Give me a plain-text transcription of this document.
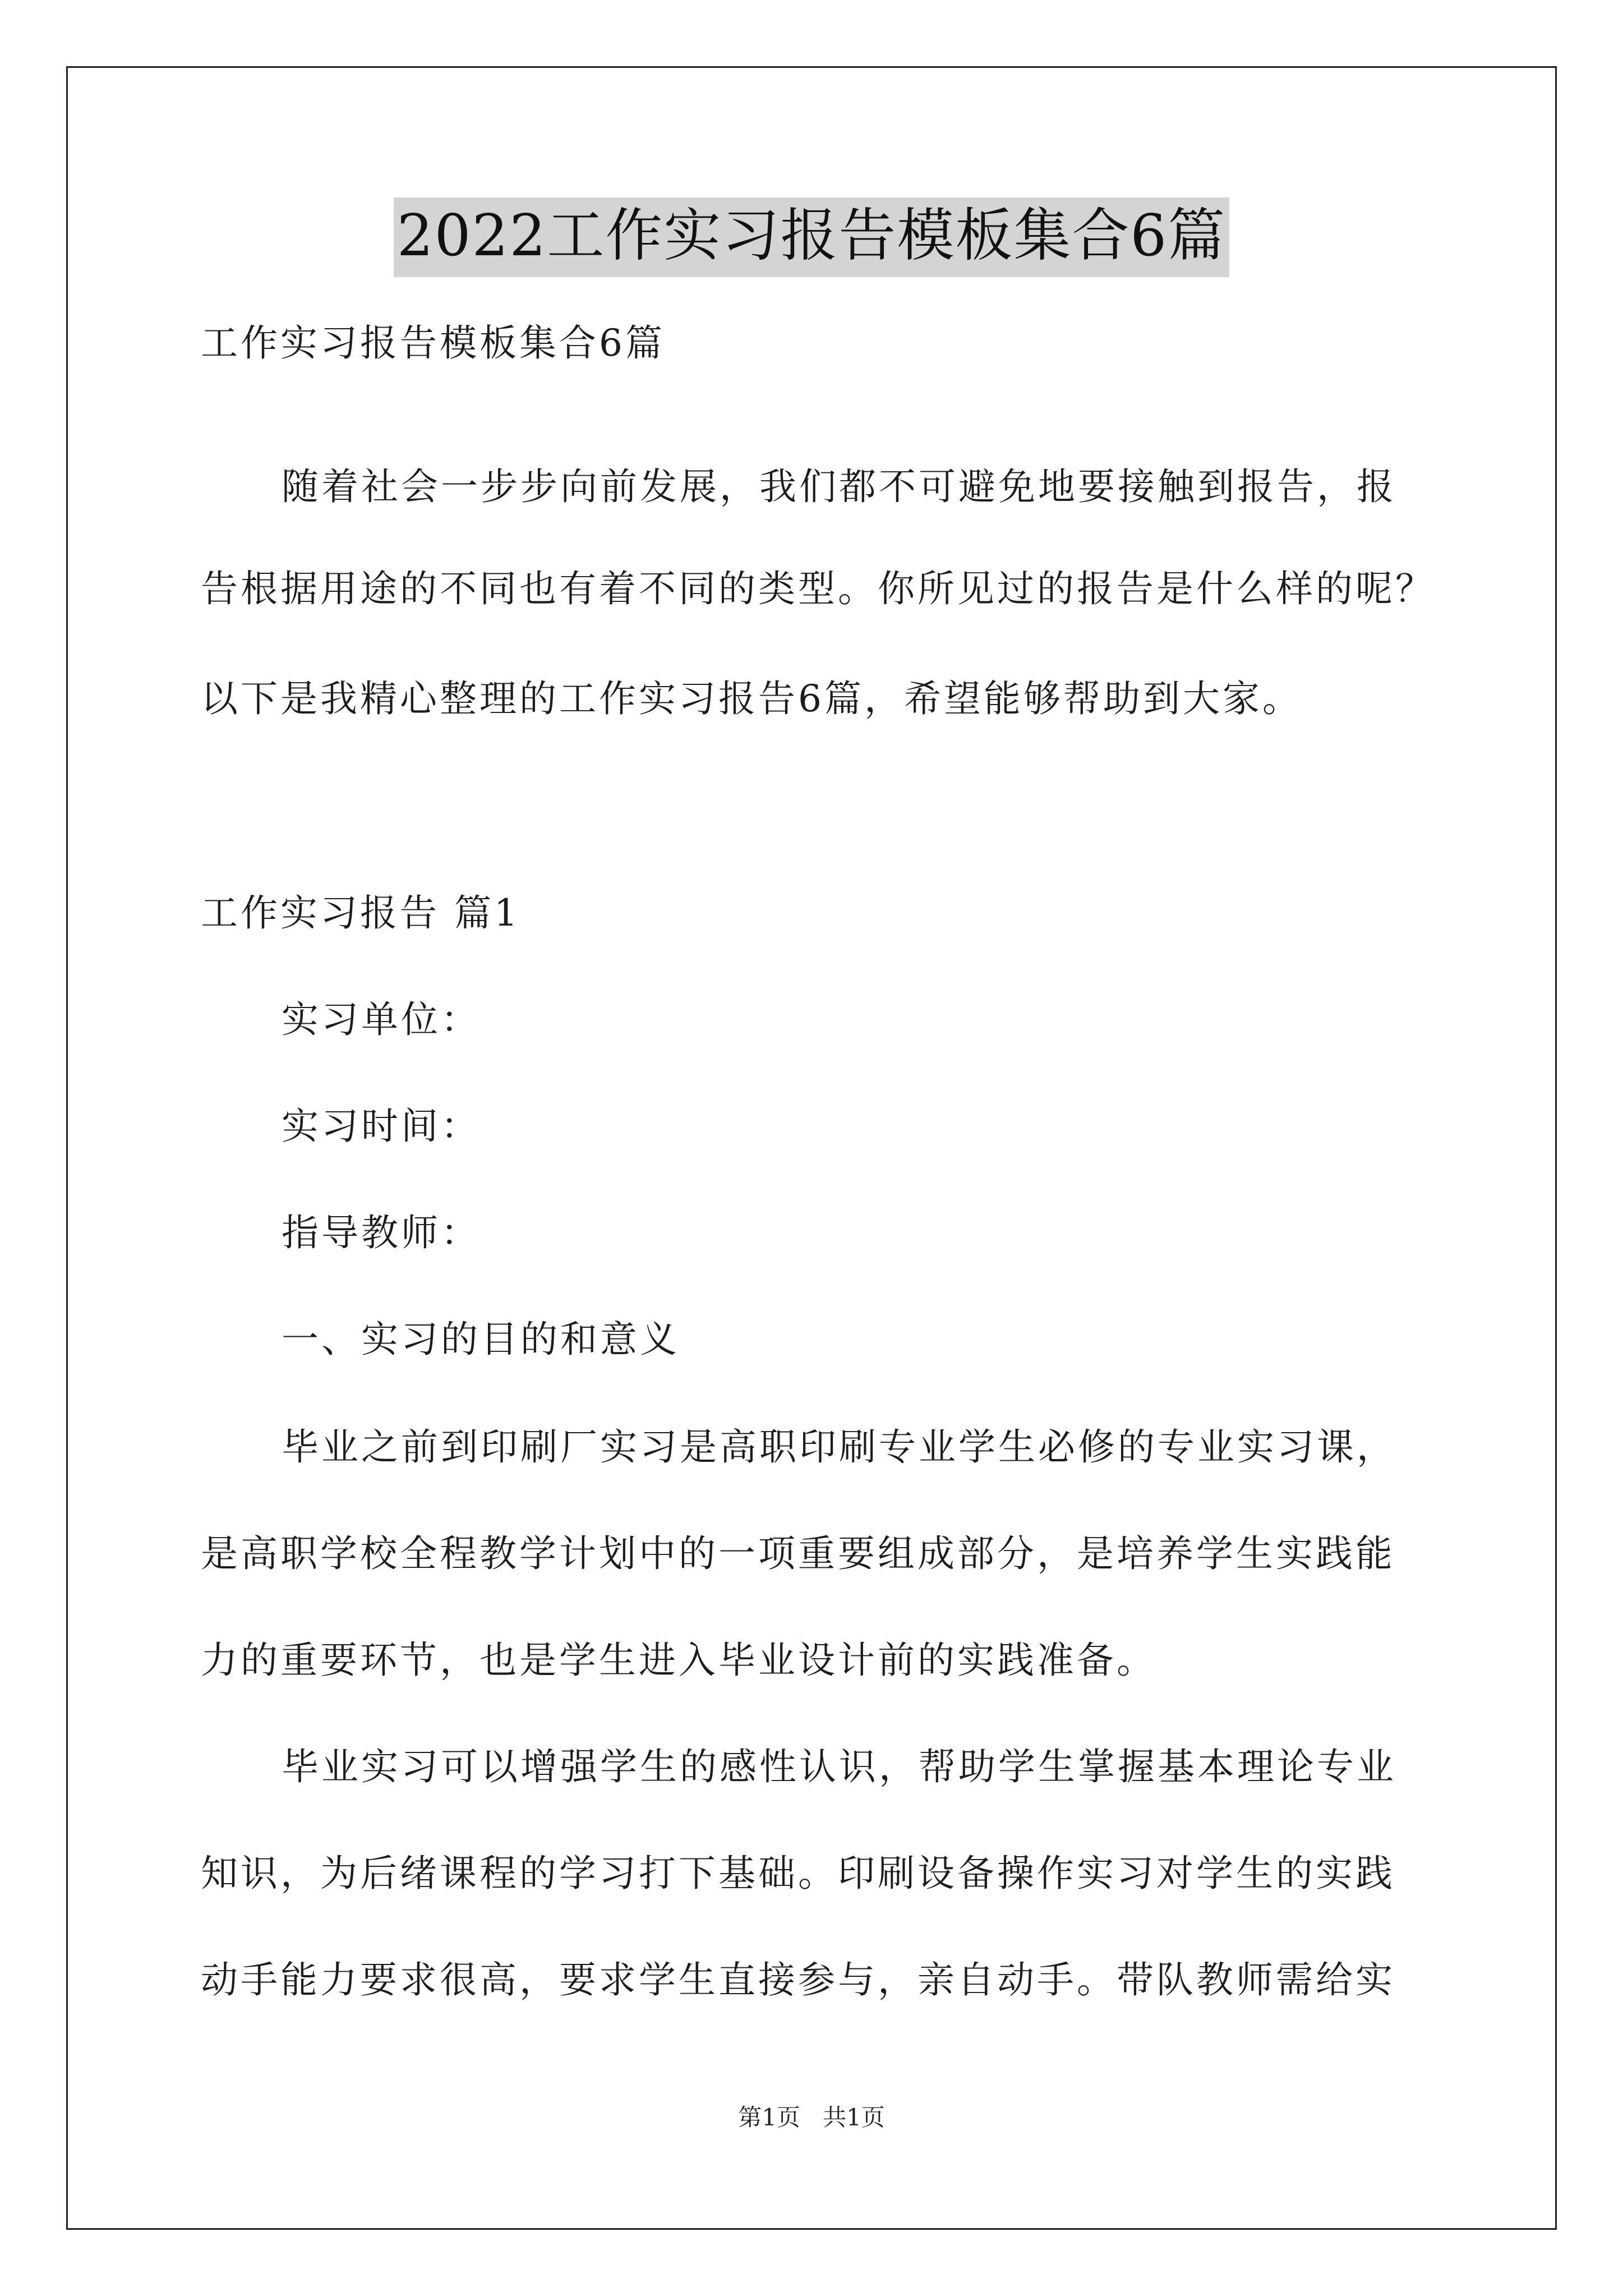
2022工作实习报告模板集合6篇
工作实习报告模板集合6篇
随着社会一步步向前发展，我们都不可避免地要接触到报告，报
告根据用途的不同也有着不同的类型。你所见过的报告是什么样的呢？
以下是我精心整理的工作实习报告6篇，希望能够帮助到大家。
工作实习报告 篇1
实习单位：
实习时间：
指导教师：
一、实习的目的和意义
毕业之前到印刷厂实习是高职印刷专业学生必修的专业实习课，
是高职学校全程教学计划中的一项重要组成部分，是培养学生实践能
力的重要环节，也是学生进入毕业设计前的实践准备。
毕业实习可以增强学生的感性认识，帮助学生掌握基本理论专业
知识，为后绪课程的学习打下基础。印刷设备操作实习对学生的实践
动手能力要求很高，要求学生直接参与，亲自动手。带队教师需给实
第1页   共1页
